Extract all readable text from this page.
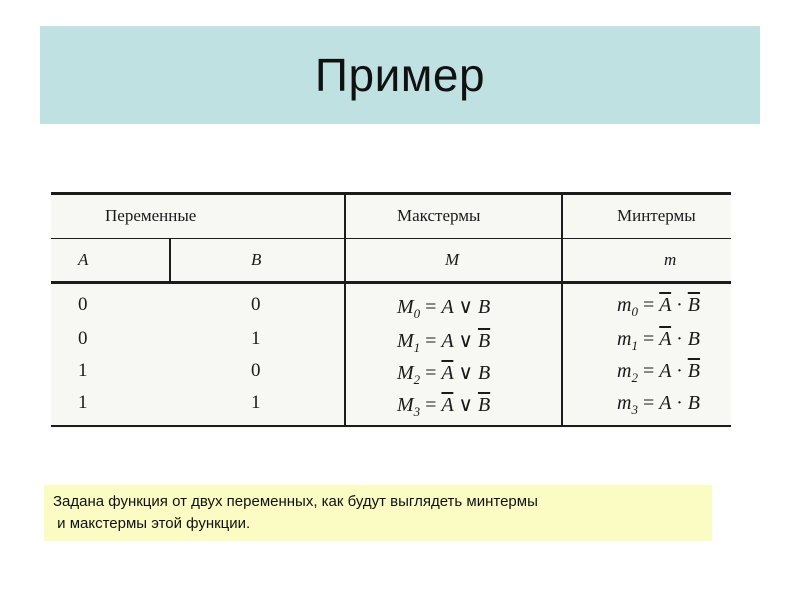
Пример
Переменные	Макстермы	Минтермы
A	B	M	m
0	0	$M_0 = A$ ∨ B	$m_0 = \overline{A} \cdot \overline{B}$
0	1	$M_1 = A$ ∨ $\overline{B}$	$m_1 = \overline{A} \cdot B$
1	0	$M_2 = \overline{A}$ ∨ B	$m_2 = A \cdot \overline{B}$
1	1	$M_3 = \overline{A}$ ∨ $\overline{B}$	$m_3 = A \cdot B$
Задана функция от двух переменных, как будут выглядеть минтермы
и макстермы этой функции.
